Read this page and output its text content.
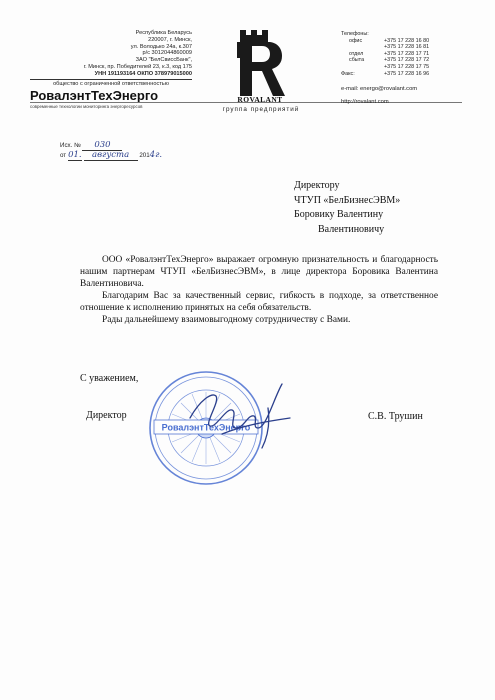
Республика Беларусь
220007, г. Минск,
ул. Володько 24а, к.307
р/с 3012044860009
ЗАО "БелСвиссБанк",
г. Минск, пр. Победителей 23, к.3, код 175
УНН 191193164 ОКПО 378979015000
общество с ограниченной ответственностью
РовалэнтТехЭнерго
современные технологии мониторинга энергоресурсов
ROVALANT
группа предприятий
Телефоны:
офис	+375 17 228 16 80
+375 17 228 16 81
отдел	+375 17 228 17 71
сбыта	+375 17 228 17 72
+375 17 228 17 75
Факс:	+375 17 228 16 96
e-mail: energo@rovalant.com
http://rovalant.com
Исх. № 030
от 01. августа 2014г.
Директору
ЧТУП «БелБизнесЭВМ»
Боровику Валентину
Валентиновичу

ООО «РовалэнтТехЭнерго» выражает огромную признательность и благодарность нашим партнерам ЧТУП «БелБизнесЭВМ», в лице директора Боровика Валентина Валентиновича.

Благодарим Вас за качественный сервис, гибкость в подходе, за ответственное отношение к исполнению принятых на себя обязательств.

Рады дальнейшему взаимовыгодному сотрудничеству с Вами.

РовалэнтТехЭнерго
С уважением,
Директор	С.В. Трушин
